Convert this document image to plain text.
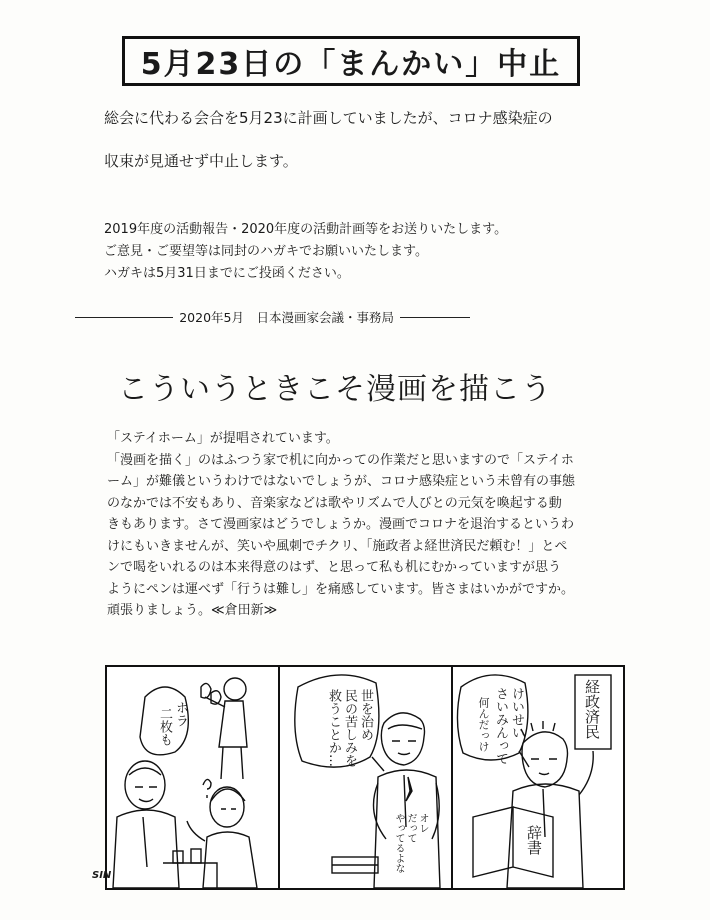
5月23日の「まんかい」中止
総会に代わる会合を5月23に計画していましたが、コロナ感染症の
収束が見通せず中止します。
2019年度の活動報告・2020年度の活動計画等をお送りいたします。
ご意見・ご要望等は同封のハガキでお願いいたします。
ハガキは5月31日までにご投函ください。
2020年5月　日本漫画家会議・事務局
こういうときこそ漫画を描こう
「ステイホーム」が提唱されています。
「漫画を描く」のはふつう家で机に向かっての作業だと思いますので「ステイホ
ーム」が難儀というわけではないでしょうが、コロナ感染症という未曾有の事態
のなかでは不安もあり、音楽家などは歌やリズムで人びとの元気を喚起する動
きもあります。さて漫画家はどうでしょうか。漫画でコロナを退治するというわ
けにもいきませんが、笑いや風刺でチクリ、「施政者よ経世済民だ頼む！」とペ
ンで喝をいれるのは本来得意のはず、と思って私も机にむかっていますが思う
ようにペンは運べず「行うは難し」を痛感しています。皆さまはいかがですか。
頑張りましょう。≪倉田新≫
ホラ
二枚も	世を治め
民の苦しみを
救うことか…
オレ
だって
やってるよな
けいせい
さいみんって
何んだっけ	経政済民
辞書
SIN
